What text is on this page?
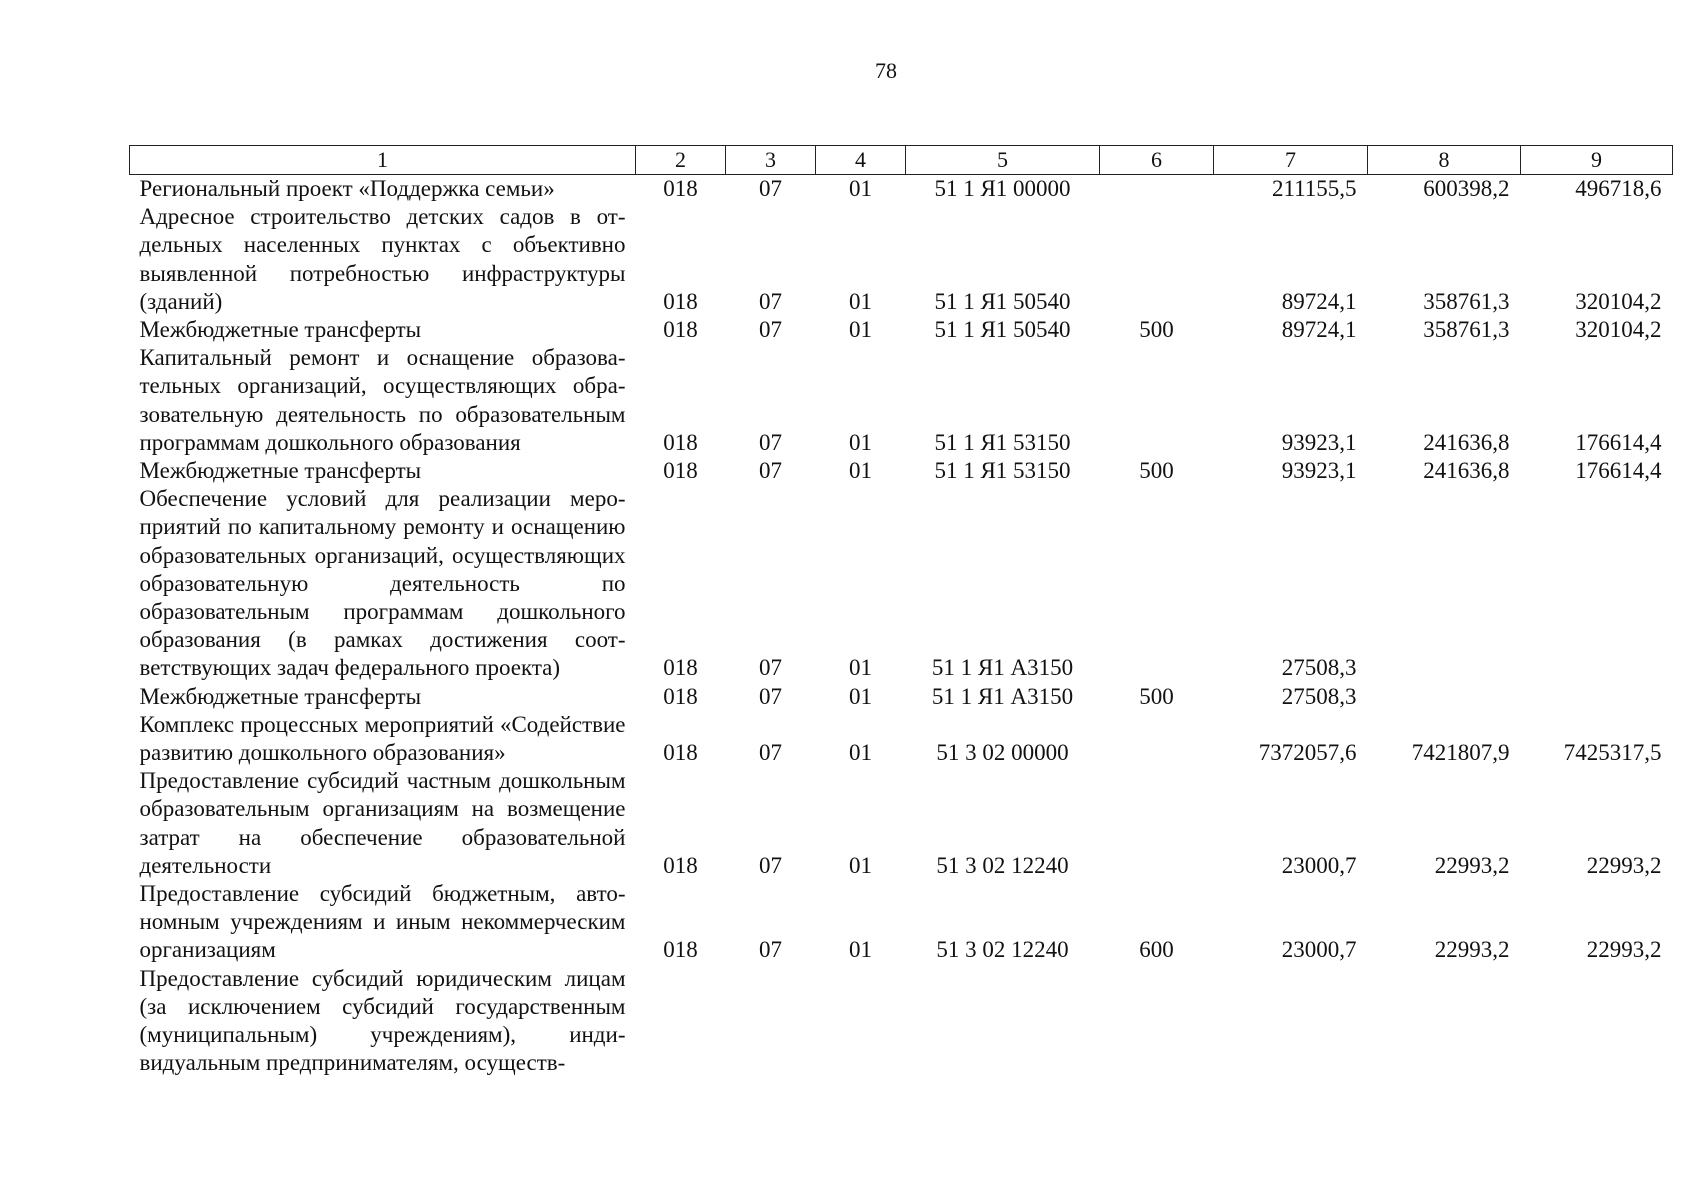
78
1	2	3	4	5	6	7	8	9
Региональный проект «Поддержка семьи»	018	07	01	51 1 Я1 00000		211155,5	600398,2	496718,6
Адресное строительство детских садов в отдельных населенных пунктах с объективно выявленной потребностью инфраструктуры (зданий)	018	07	01	51 1 Я1 50540		89724,1	358761,3	320104,2
Межбюджетные трансферты	018	07	01	51 1 Я1 50540	500	89724,1	358761,3	320104,2
Капитальный ремонт и оснащение образовательных организаций, осуществляющих образовательную деятельность по образовательным программам дошкольного образования	018	07	01	51 1 Я1 53150		93923,1	241636,8	176614,4
Межбюджетные трансферты	018	07	01	51 1 Я1 53150	500	93923,1	241636,8	176614,4
Обеспечение условий для реализации мероприятий по капитальному ремонту и оснащению образовательных организаций, осуществляющих образовательную деятельность по образовательным программам дошкольного образования (в рамках достижения соответствующих задач федерального проекта)	018	07	01	51 1 Я1 А3150		27508,3		
Межбюджетные трансферты	018	07	01	51 1 Я1 А3150	500	27508,3		
Комплекс процессных мероприятий «Содействие развитию дошкольного образования»	018	07	01	51 3 02 00000		7372057,6	7421807,9	7425317,5
Предоставление субсидий частным дошкольным образовательным организациям на возмещение затрат на обеспечение образовательной деятельности	018	07	01	51 3 02 12240		23000,7	22993,2	22993,2
Предоставление субсидий бюджетным, автономным учреждениям и иным некоммерческим организациям	018	07	01	51 3 02 12240	600	23000,7	22993,2	22993,2
Предоставление субсидий юридическим лицам (за исключением субсидий государственным (муниципальным) учреждениям), индивидуальным предпринимателям, осуществ-								
